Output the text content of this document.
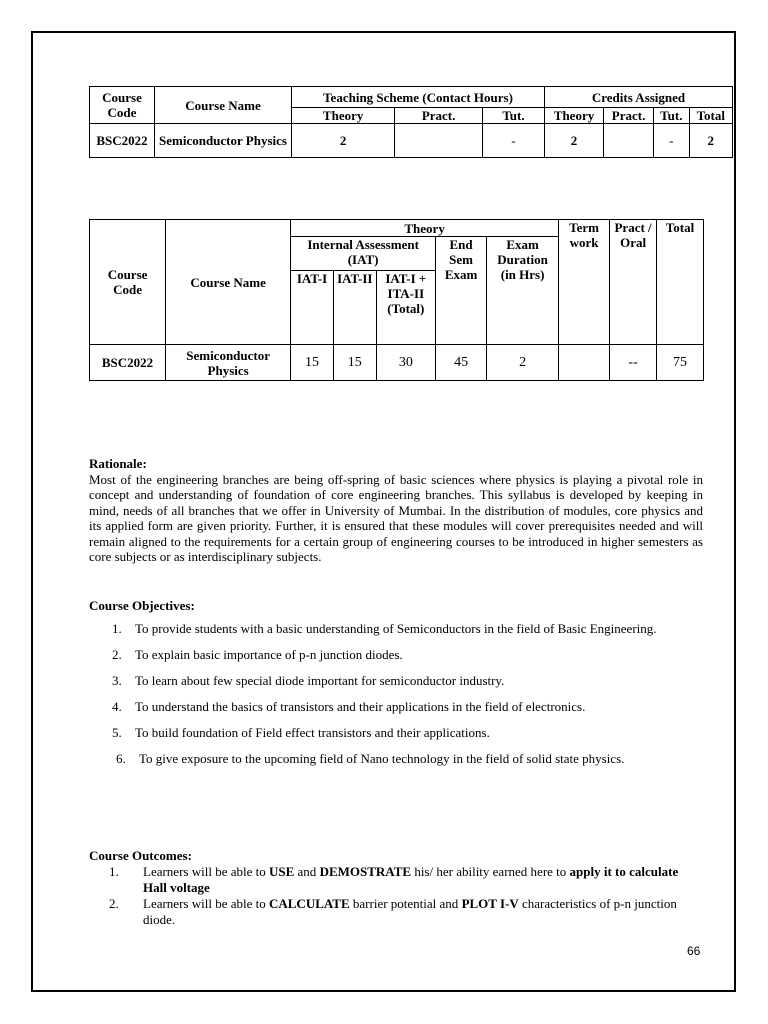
Course Code	Course Name	Teaching Scheme (Contact Hours)			Credits Assigned			
		Theory	Pract.	Tut.	Theory	Pract.	Tut.	Total
BSC2022	Semiconductor Physics	2		-	2		-	2
Course Code	Course Name	Theory					Term work	Pract / Oral	Total
		Internal Assessment (IAT)			End Sem Exam	Exam Duration (in Hrs)			
		IAT-I	IAT-II	IAT-I + ITA-II (Total)					

BSC2022	Semiconductor Physics	15	15	30	45	2		--	75
Rationale:
Most of the engineering branches are being off-spring of basic sciences where physics is playing a pivotal role in concept and understanding of foundation of core engineering branches. This syllabus is developed by keeping in mind, needs of all branches that we offer in University of Mumbai. In the distribution of modules, core physics and its applied form are given priority. Further, it is ensured that these modules will cover prerequisites needed and will remain aligned to the requirements for a certain group of engineering courses to be introduced in higher semesters as core subjects or as interdisciplinary subjects.
Course Objectives:
1. To provide students with a basic understanding of Semiconductors in the field of Basic Engineering.
2. To explain basic importance of p-n junction diodes.
3. To learn about few special diode important for semiconductor industry.
4. To understand the basics of transistors and their applications in the field of electronics.
5. To build foundation of Field effect transistors and their applications.
6. To give exposure to the upcoming field of Nano technology in the field of solid state physics.
Course Outcomes:
1. Learners will be able to USE and DEMOSTRATE his/ her ability earned here to apply it to calculate Hall voltage
2. Learners will be able to CALCULATE barrier potential and PLOT I-V characteristics of p-n junction diode.
66
